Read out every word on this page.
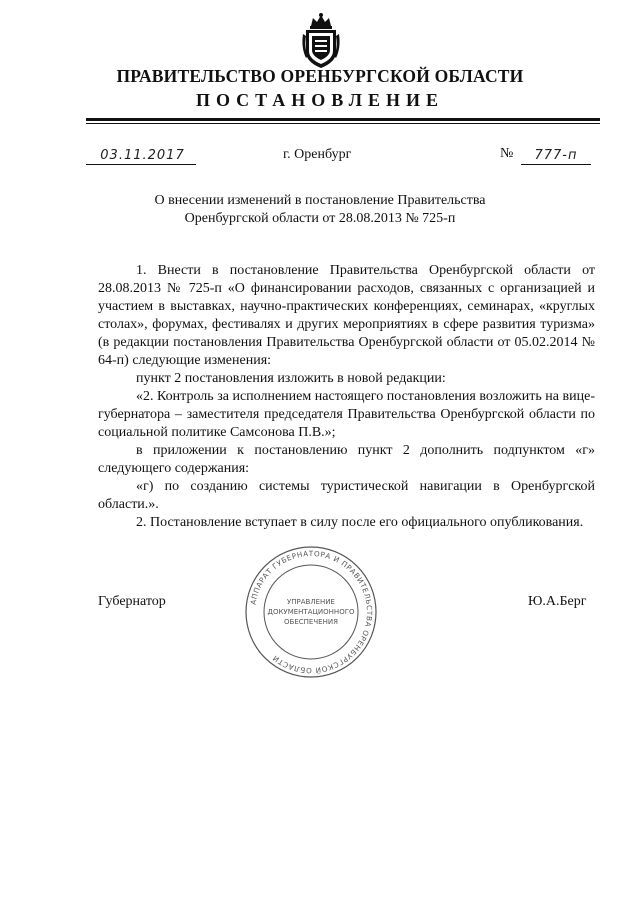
ПРАВИТЕЛЬСТВО ОРЕНБУРГСКОЙ ОБЛАСТИ
ПОСТАНОВЛЕНИЕ
03.11.2017	г. Оренбург	№	777-п
О внесении изменений в постановление Правительства
Оренбургской области от 28.08.2013 № 725-п

1. Внести в постановление Правительства Оренбургской области от 28.08.2013 № 725-п «О финансировании расходов, связанных с организацией и участием в выставках, научно-практических конференциях, семинарах, «круглых столах», форумах, фестивалях и других мероприятиях в сфере развития туризма» (в редакции постановления Правительства Оренбургской области от 05.02.2014 № 64-п) следующие изменения:

пункт 2 постановления изложить в новой редакции:

«2. Контроль за исполнением настоящего постановления возложить на вице-губернатора – заместителя председателя Правительства Оренбургской области по социальной политике Самсонова П.В.»;

в приложении к постановлению пункт 2 дополнить подпунктом «г» следующего содержания:

«г) по созданию системы туристической навигации в Оренбургской области.».

2. Постановление вступает в силу после его официального опубликования.

Губернатор	Ю.А.Берг
АППАРАТ ГУБЕРНАТОРА И ПРАВИТЕЛЬСТВА ОРЕНБУРГСКОЙ ОБЛАСТИ
УПРАВЛЕНИЕ
ДОКУМЕНТАЦИОННОГО
ОБЕСПЕЧЕНИЯ
